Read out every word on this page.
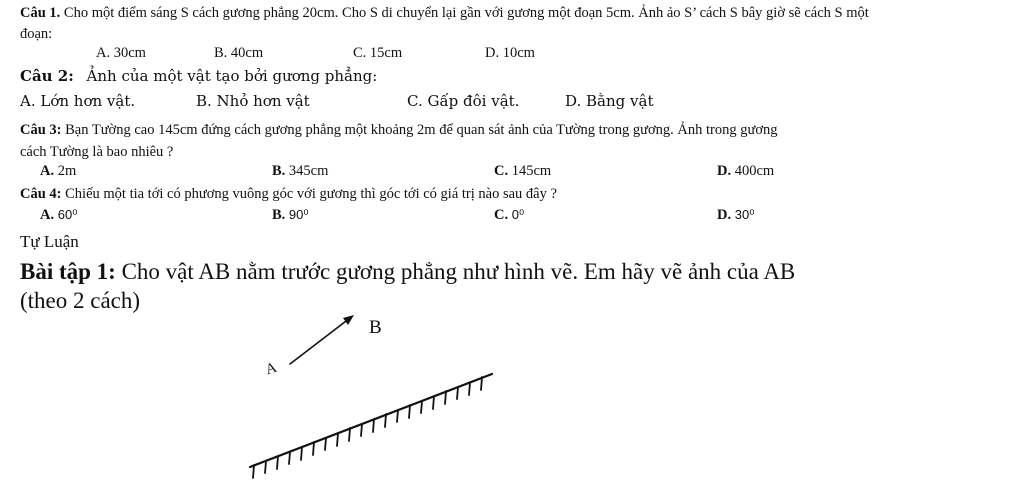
Câu 1. Cho một điểm sáng S cách gương phẳng 20cm. Cho S di chuyển lại gần với gương một đoạn 5cm. Ảnh ảo S’ cách S bây giờ sẽ cách S một
đoạn:
A. 30cm	B. 40cm	C. 15cm	D. 10cm
Câu 2: Ảnh của một vật tạo bởi gương phẳng:
A. Lớn hơn vật.	B. Nhỏ hơn vật	C. Gấp đôi vật.	D. Bằng vật
Câu 3: Bạn Tường cao 145cm đứng cách gương phẳng một khoảng 2m để quan sát ảnh của Tường trong gương. Ảnh trong gương
cách Tường là bao nhiêu ?
A. 2m	B. 345cm	C. 145cm	D. 400cm
Câu 4: Chiếu một tia tới có phương vuông góc với gương thì góc tới có giá trị nào sau đây ?
A. 60⁰	B. 90⁰	C. 0⁰	D. 30⁰
Tự Luận
Bài tập 1: Cho vật AB nằm trước gương phẳng như hình vẽ. Em hãy vẽ ảnh của AB
(theo 2 cách)
B
A
